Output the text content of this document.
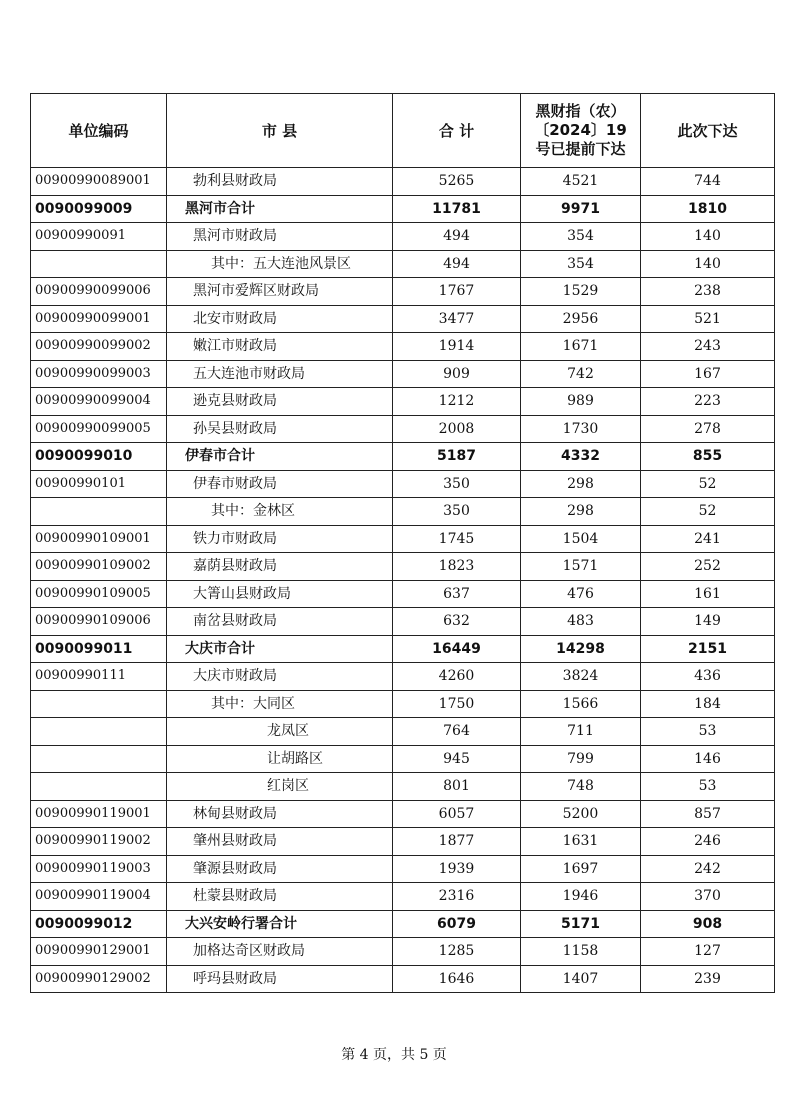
单位编码	市 县	合 计	黑财指（农）〔2024〕19号已提前下达	此次下达
00900990089001	勃利县财政局	5265	4521	744
0090099009	黑河市合计	11781	9971	1810
00900990091	黑河市财政局	494	354	140
	其中：五大连池风景区	494	354	140
00900990099006	黑河市爱辉区财政局	1767	1529	238
00900990099001	北安市财政局	3477	2956	521
00900990099002	嫩江市财政局	1914	1671	243
00900990099003	五大连池市财政局	909	742	167
00900990099004	逊克县财政局	1212	989	223
00900990099005	孙吴县财政局	2008	1730	278
0090099010	伊春市合计	5187	4332	855
00900990101	伊春市财政局	350	298	52
	其中：金林区	350	298	52
00900990109001	铁力市财政局	1745	1504	241
00900990109002	嘉荫县财政局	1823	1571	252
00900990109005	大箐山县财政局	637	476	161
00900990109006	南岔县财政局	632	483	149
0090099011	大庆市合计	16449	14298	2151
00900990111	大庆市财政局	4260	3824	436
	其中：大同区	1750	1566	184
	龙凤区	764	711	53
	让胡路区	945	799	146
	红岗区	801	748	53
00900990119001	林甸县财政局	6057	5200	857
00900990119002	肇州县财政局	1877	1631	246
00900990119003	肇源县财政局	1939	1697	242
00900990119004	杜蒙县财政局	2316	1946	370
0090099012	大兴安岭行署合计	6079	5171	908
00900990129001	加格达奇区财政局	1285	1158	127
00900990129002	呼玛县财政局	1646	1407	239
第 4 页，共 5 页
